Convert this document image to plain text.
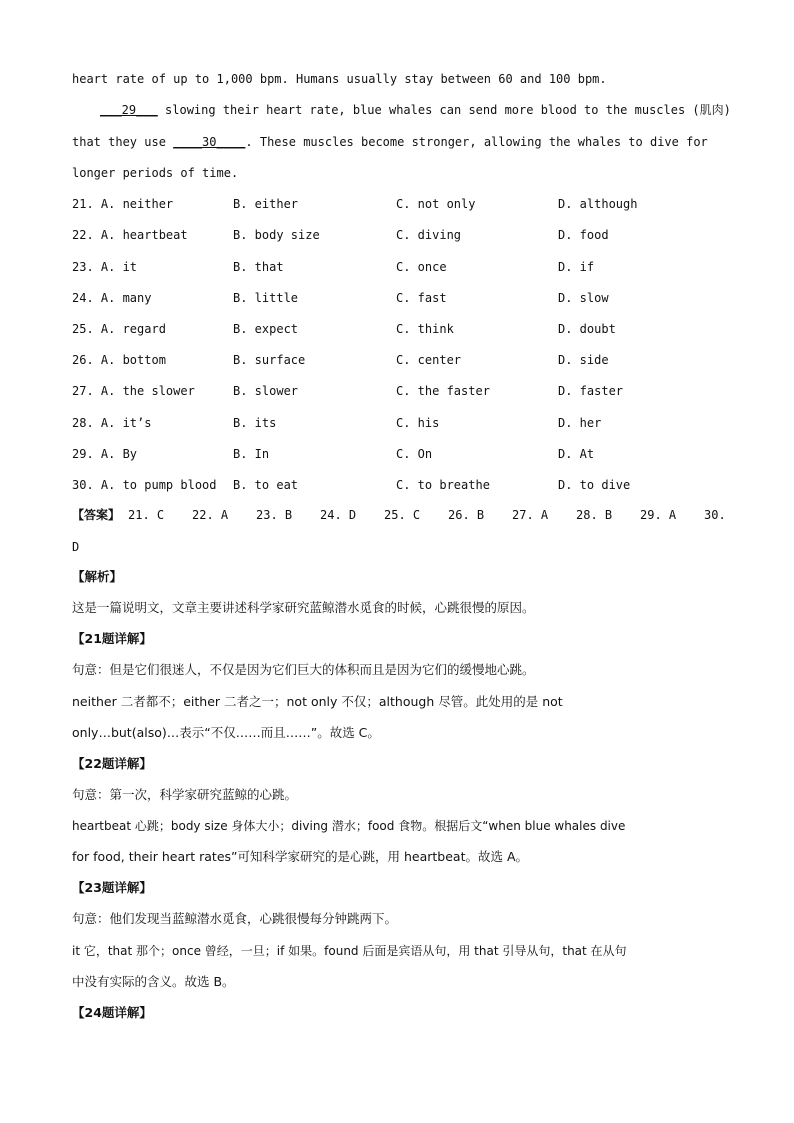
heart rate of up to 1,000 bpm. Humans usually stay between 60 and 100 bpm.
___29___ slowing their heart rate, blue whales can send more blood to the muscles (肌肉)
that they use ____30____. These muscles become stronger, allowing the whales to dive for
longer periods of time.
21. A. neither	B. either	C. not only	D. although
22. A. heartbeat	B. body size	C. diving	D. food
23. A. it	B. that	C. once	D. if
24. A. many	B. little	C. fast	D. slow
25. A. regard	B. expect	C. think	D. doubt
26. A. bottom	B. surface	C. center	D. side
27. A. the slower	B. slower	C. the faster	D. faster
28. A. it’s	B. its	C. his	D. her
29. A. By	B. In	C. On	D. At
30. A. to pump blood B. to eat	C. to breathe	D. to dive

【答案】

21. C

22. A

23. B

24. D

25. C

26. B

27. A

28. B

29. A

30.

D
【解析】
这是一篇说明文，文章主要讲述科学家研究蓝鲸潜水觅食的时候，心跳很慢的原因。
【21题详解】
句意：但是它们很迷人，不仅是因为它们巨大的体积而且是因为它们的缓慢地心跳。
neither 二者都不；either 二者之一；not only 不仅；although 尽管。此处用的是 not
only…but(also)…表示“不仅……而且……”。故选 C。
【22题详解】
句意：第一次，科学家研究蓝鲸的心跳。
heartbeat 心跳；body size 身体大小；diving 潜水；food 食物。根据后文“when blue whales dive
for food, their heart rates”可知科学家研究的是心跳，用 heartbeat。故选 A。
【23题详解】
句意：他们发现当蓝鲸潜水觅食，心跳很慢每分钟跳两下。
it 它，that 那个；once 曾经，一旦；if 如果。found 后面是宾语从句，用 that 引导从句，that 在从句
中没有实际的含义。故选 B。
【24题详解】
